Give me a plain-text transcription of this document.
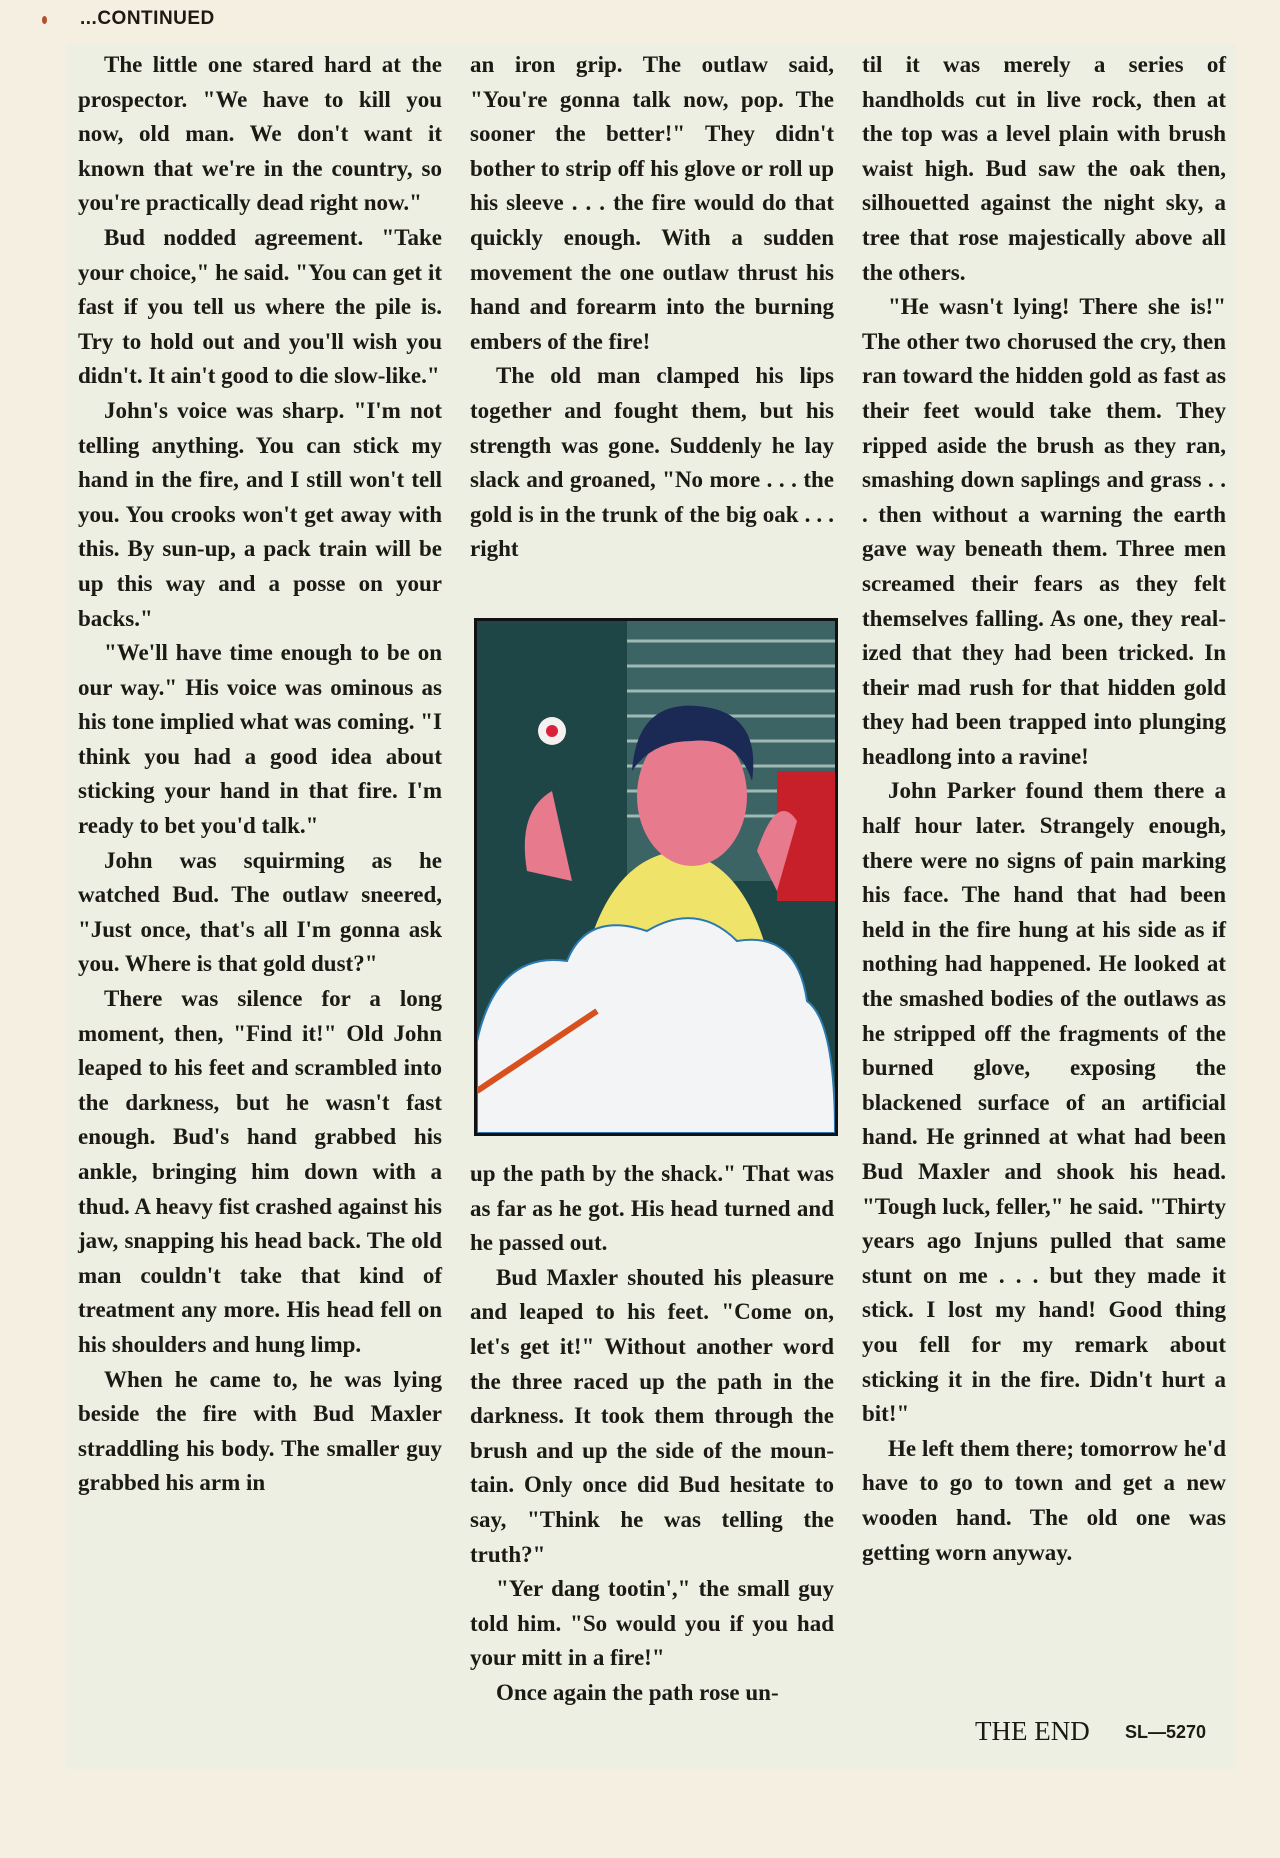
...CONTINUED

The little one stared hard at the prospector. "We have to kill you now, old man. We don't want it known that we're in the country, so you're practically dead right now."

Bud nodded agreement. "Take your choice," he said. "You can get it fast if you tell us where the pile is. Try to hold out and you'll wish you didn't. It ain't good to die slow-like."

John's voice was sharp. "I'm not telling anything. You can stick my hand in the fire, and I still won't tell you. You crooks won't get away with this. By sun-up, a pack train will be up this way and a posse on your backs."

"We'll have time enough to be on our way." His voice was ominous as his tone implied what was coming. "I think you had a good idea about sticking your hand in that fire. I'm ready to bet you'd talk."

John was squirming as he watched Bud. The outlaw sneered, "Just once, that's all I'm gonna ask you. Where is that gold dust?"

There was silence for a long moment, then, "Find it!" Old John leaped to his feet and scrambled into the darkness, but he wasn't fast enough. Bud's hand grabbed his ankle, bringing him down with a thud. A heavy fist crashed against his jaw, snapping his head back. The old man couldn't take that kind of treatment any more. His head fell on his shoulders and hung limp.

When he came to, he was lying beside the fire with Bud Maxler straddling his body. The smaller guy grabbed his arm in

an iron grip. The outlaw said, "You're gonna talk now, pop. The sooner the better!" They didn't bother to strip off his glove or roll up his sleeve . . . the fire would do that quickly enough. With a sudden movement the one outlaw thrust his hand and forearm into the burning embers of the fire!

The old man clamped his lips together and fought them, but his strength was gone. Suddenly he lay slack and groaned, "No more . . . the gold is in the trunk of the big oak . . . right

up the path by the shack." That was as far as he got. His head turned and he passed out.

Bud Maxler shouted his pleasure and leaped to his feet. "Come on, let's get it!" Without another word the three raced up the path in the darkness. It took them through the brush and up the side of the mountain. Only once did Bud hesitate to say, "Think he was telling the truth?"

"Yer dang tootin'," the small guy told him. "So would you if you had your mitt in a fire!"

Once again the path rose un-

til it was merely a series of handholds cut in live rock, then at the top was a level plain with brush waist high. Bud saw the oak then, silhouetted against the night sky, a tree that rose majestically above all the others.

"He wasn't lying! There she is!" The other two chorused the cry, then ran toward the hidden gold as fast as their feet would take them. They ripped aside the brush as they ran, smashing down saplings and grass . . . then without a warning the earth gave way beneath them. Three men screamed their fears as they felt themselves falling. As one, they realized that they had been tricked. In their mad rush for that hidden gold they had been trapped into plunging headlong into a ravine!

John Parker found them there a half hour later. Strangely enough, there were no signs of pain marking his face. The hand that had been held in the fire hung at his side as if nothing had happened. He looked at the smashed bodies of the outlaws as he stripped off the fragments of the burned glove, exposing the blackened surface of an artificial hand. He grinned at what had been Bud Maxler and shook his head. "Tough luck, feller," he said. "Thirty years ago Injuns pulled that same stunt on me . . . but they made it stick. I lost my hand! Good thing you fell for my remark about sticking it in the fire. Didn't hurt a bit!"

He left them there; tomorrow he'd have to go to town and get a new wooden hand. The old one was getting worn anyway.

THE END SL—5270
